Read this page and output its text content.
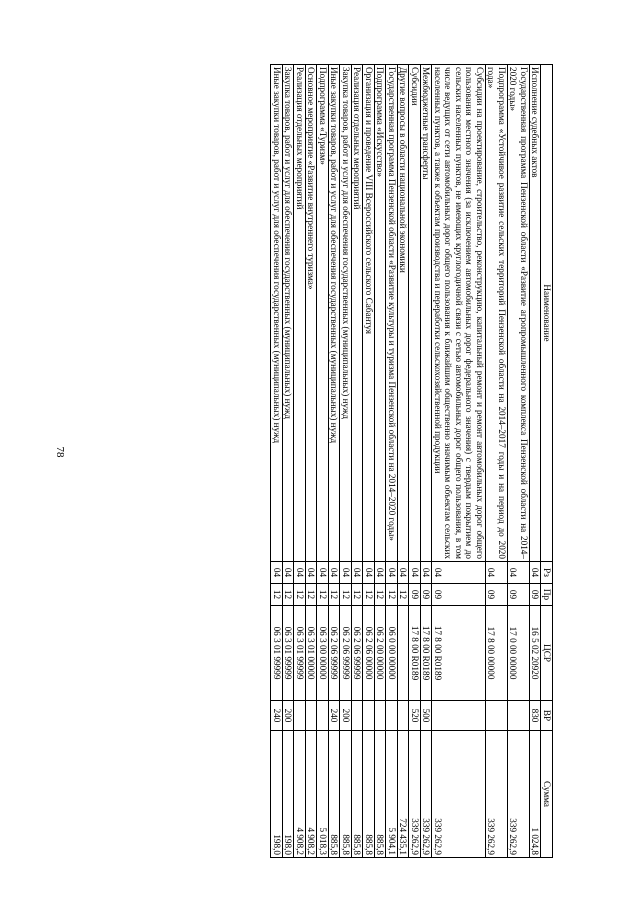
78
Наименование	Рз	Пр	ЦСР	ВР	Сумма
Исполнение судебных актов	04	09	16 5 02 20920	830	1 024,8
Государственная программа Пензенской области «Развитие агропромышленного комплекса Пензенской области на 2014–2020 годы»	04	09	17 0 00 00000		339 262,9
Подпрограмма «Устойчивое развитие сельских территорий Пензенской области на 2014–2017 годы и на период до 2020 года»	04	09	17 8 00 00000		339 262,9
Субсидии на проектирование, строительство, реконструкцию, капитальный ремонт и ремонт автомобильных дорог общего пользования местного значения (за исключением автомобильных дорог федерального значения) с твердым покрытием до сельских населенных пунктов, не имеющих круглогодичной связи с сетью автомобильных дорог общего пользования, в том числе ведущих от сети автомобильных дорог общего пользования к ближайшим общественно значимым объектам сельских населенных пунктов, а также к объектам производства и переработки сельскохозяйственной продукции	04	09	17 8 00 R0189		339 262,9
Межбюджетные трансферты	04	09	17 8 00 R0189	500	339 262,9
Субсидии	04	09	17 8 00 R0189	520	339 262,9
Другие вопросы в области национальной экономики	04	12			724 435,1
Государственная программа Пензенской области «Развитие культуры и туризма Пензенской области на 2014–2020 годы»	04	12	06 0 00 00000		5 904,1
Подпрограмма «Искусство»	04	12	06 2 00 00000		885,8
Организация и проведение VIII Всероссийского сельского Сабантуя	04	12	06 2 06 00000		885,8
Реализация отдельных мероприятий	04	12	06 2 06 99999		885,8
Закупка товаров, работ и услуг для обеспечения государственных (муниципальных) нужд	04	12	06 2 06 99999	200	885,8
Иные закупки товаров, работ и услуг для обеспечения государственных (муниципальных) нужд	04	12	06 2 06 99999	240	885,8
Подпрограмма «Туризм»	04	12	06 3 00 00000		5 018,3
Основное мероприятие «Развитие внутреннего туризма»	04	12	06 3 01 00000		4 908,2
Реализация отдельных мероприятий	04	12	06 3 01 99999		4 908,2
Закупка товаров, работ и услуг для обеспечения государственных (муниципальных) нужд	04	12	06 3 01 99999	200	198,0
Иные закупки товаров, работ и услуг для обеспечения государственных (муниципальных) нужд	04	12	06 3 01 99999	240	198,0
